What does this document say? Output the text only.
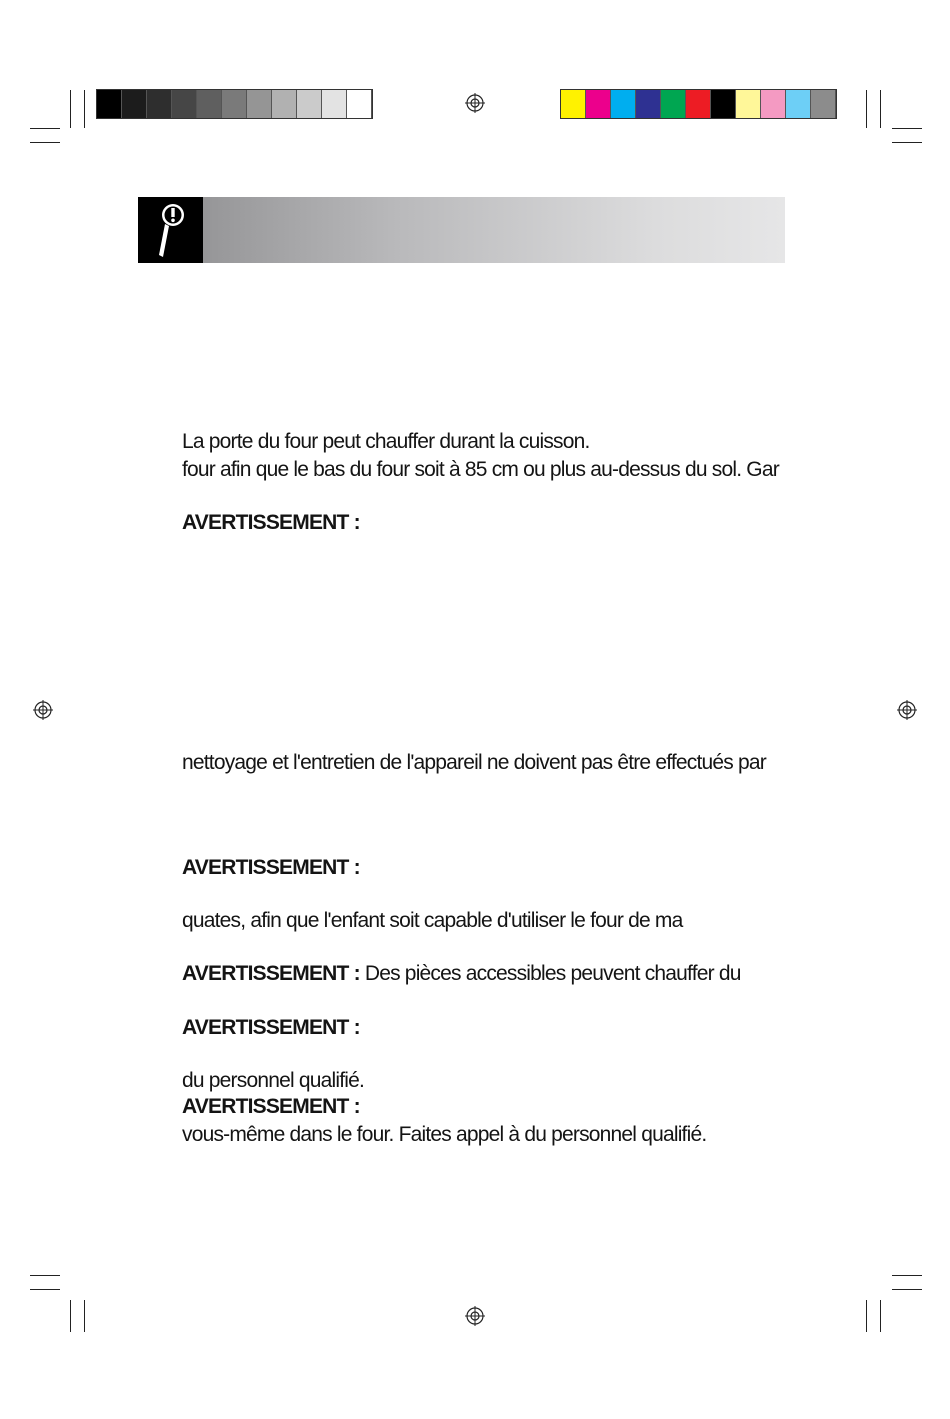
La porte du four peut chauffer durant la cuisson.
four afin que le bas du four soit à 85 cm ou plus au-dessus du sol. Gar
AVERTISSEMENT :
nettoyage et l'entretien de l'appareil ne doivent pas être effectués par
AVERTISSEMENT :
quates, afin que l'enfant soit capable d'utiliser le four de ma
AVERTISSEMENT : Des pièces accessibles peuvent chauffer du
AVERTISSEMENT :
du personnel qualifié.
AVERTISSEMENT :
vous-même dans le four. Faites appel à du personnel qualifié.
